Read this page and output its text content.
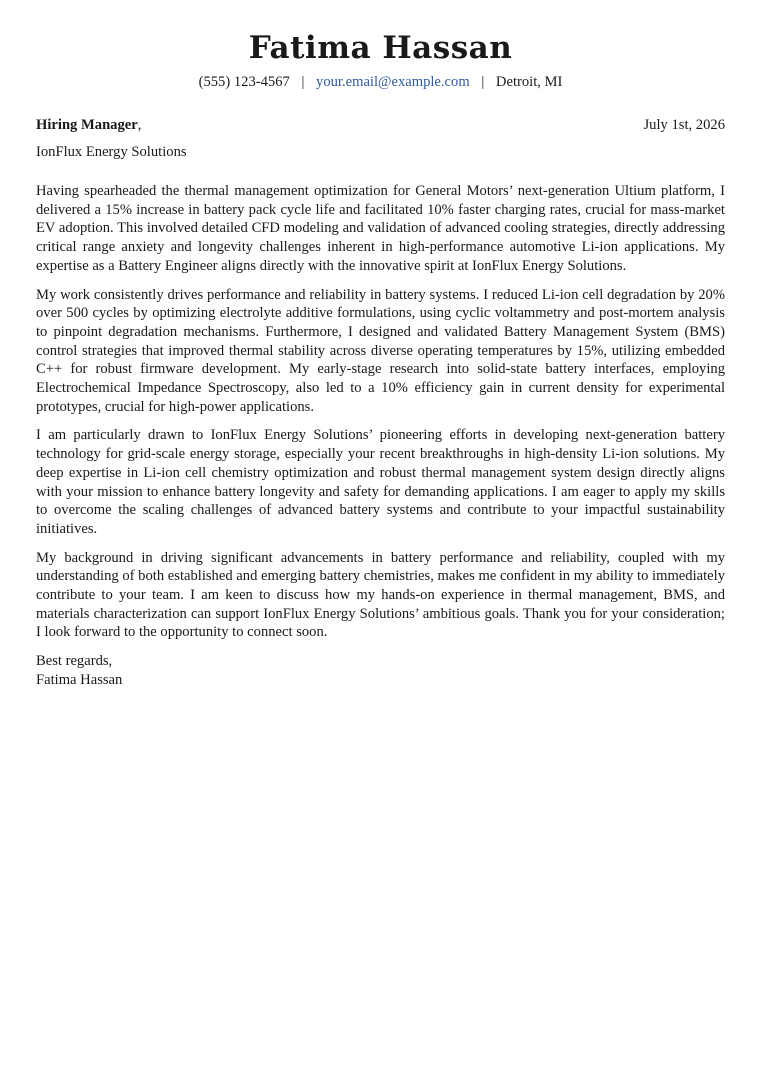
Fatima Hassan
(555) 123-4567 | your.email@example.com | Detroit, MI
Hiring Manager,	July 1st, 2026
IonFlux Energy Solutions

Having spearheaded the thermal management optimization for General Motors’ next-generation Ultium platform, I delivered a 15% increase in battery pack cycle life and facilitated 10% faster charging rates, crucial for mass-market EV adoption. This involved detailed CFD modeling and validation of advanced cooling strategies, directly addressing critical range anxiety and longevity challenges inherent in high-performance automotive Li-ion applications. My expertise as a Battery Engineer aligns directly with the innovative spirit at IonFlux Energy Solutions.

My work consistently drives performance and reliability in battery systems. I reduced Li-ion cell degradation by 20% over 500 cycles by optimizing electrolyte additive formulations, using cyclic voltammetry and post-mortem analysis to pinpoint degradation mechanisms. Furthermore, I designed and validated Battery Management System (BMS) control strategies that improved thermal stability across diverse operating temperatures by 15%, utilizing embedded C++ for robust firmware development. My early-stage research into solid-state battery interfaces, employing Electrochemical Impedance Spectroscopy, also led to a 10% efficiency gain in current density for experimental prototypes, crucial for high-power applications.

I am particularly drawn to IonFlux Energy Solutions’ pioneering efforts in developing next-generation battery technology for grid-scale energy storage, especially your recent breakthroughs in high-density Li-ion solutions. My deep expertise in Li-ion cell chemistry optimization and robust thermal management system design directly aligns with your mission to enhance battery longevity and safety for demanding applications. I am eager to apply my skills to overcome the scaling challenges of advanced battery systems and contribute to your impactful sustainability initiatives.

My background in driving significant advancements in battery performance and reliability, coupled with my understanding of both established and emerging battery chemistries, makes me confident in my ability to immediately contribute to your team. I am keen to discuss how my hands-on experience in thermal management, BMS, and materials characterization can support IonFlux Energy Solutions’ ambitious goals. Thank you for your consideration; I look forward to the opportunity to connect soon.

Best regards,
Fatima Hassan
